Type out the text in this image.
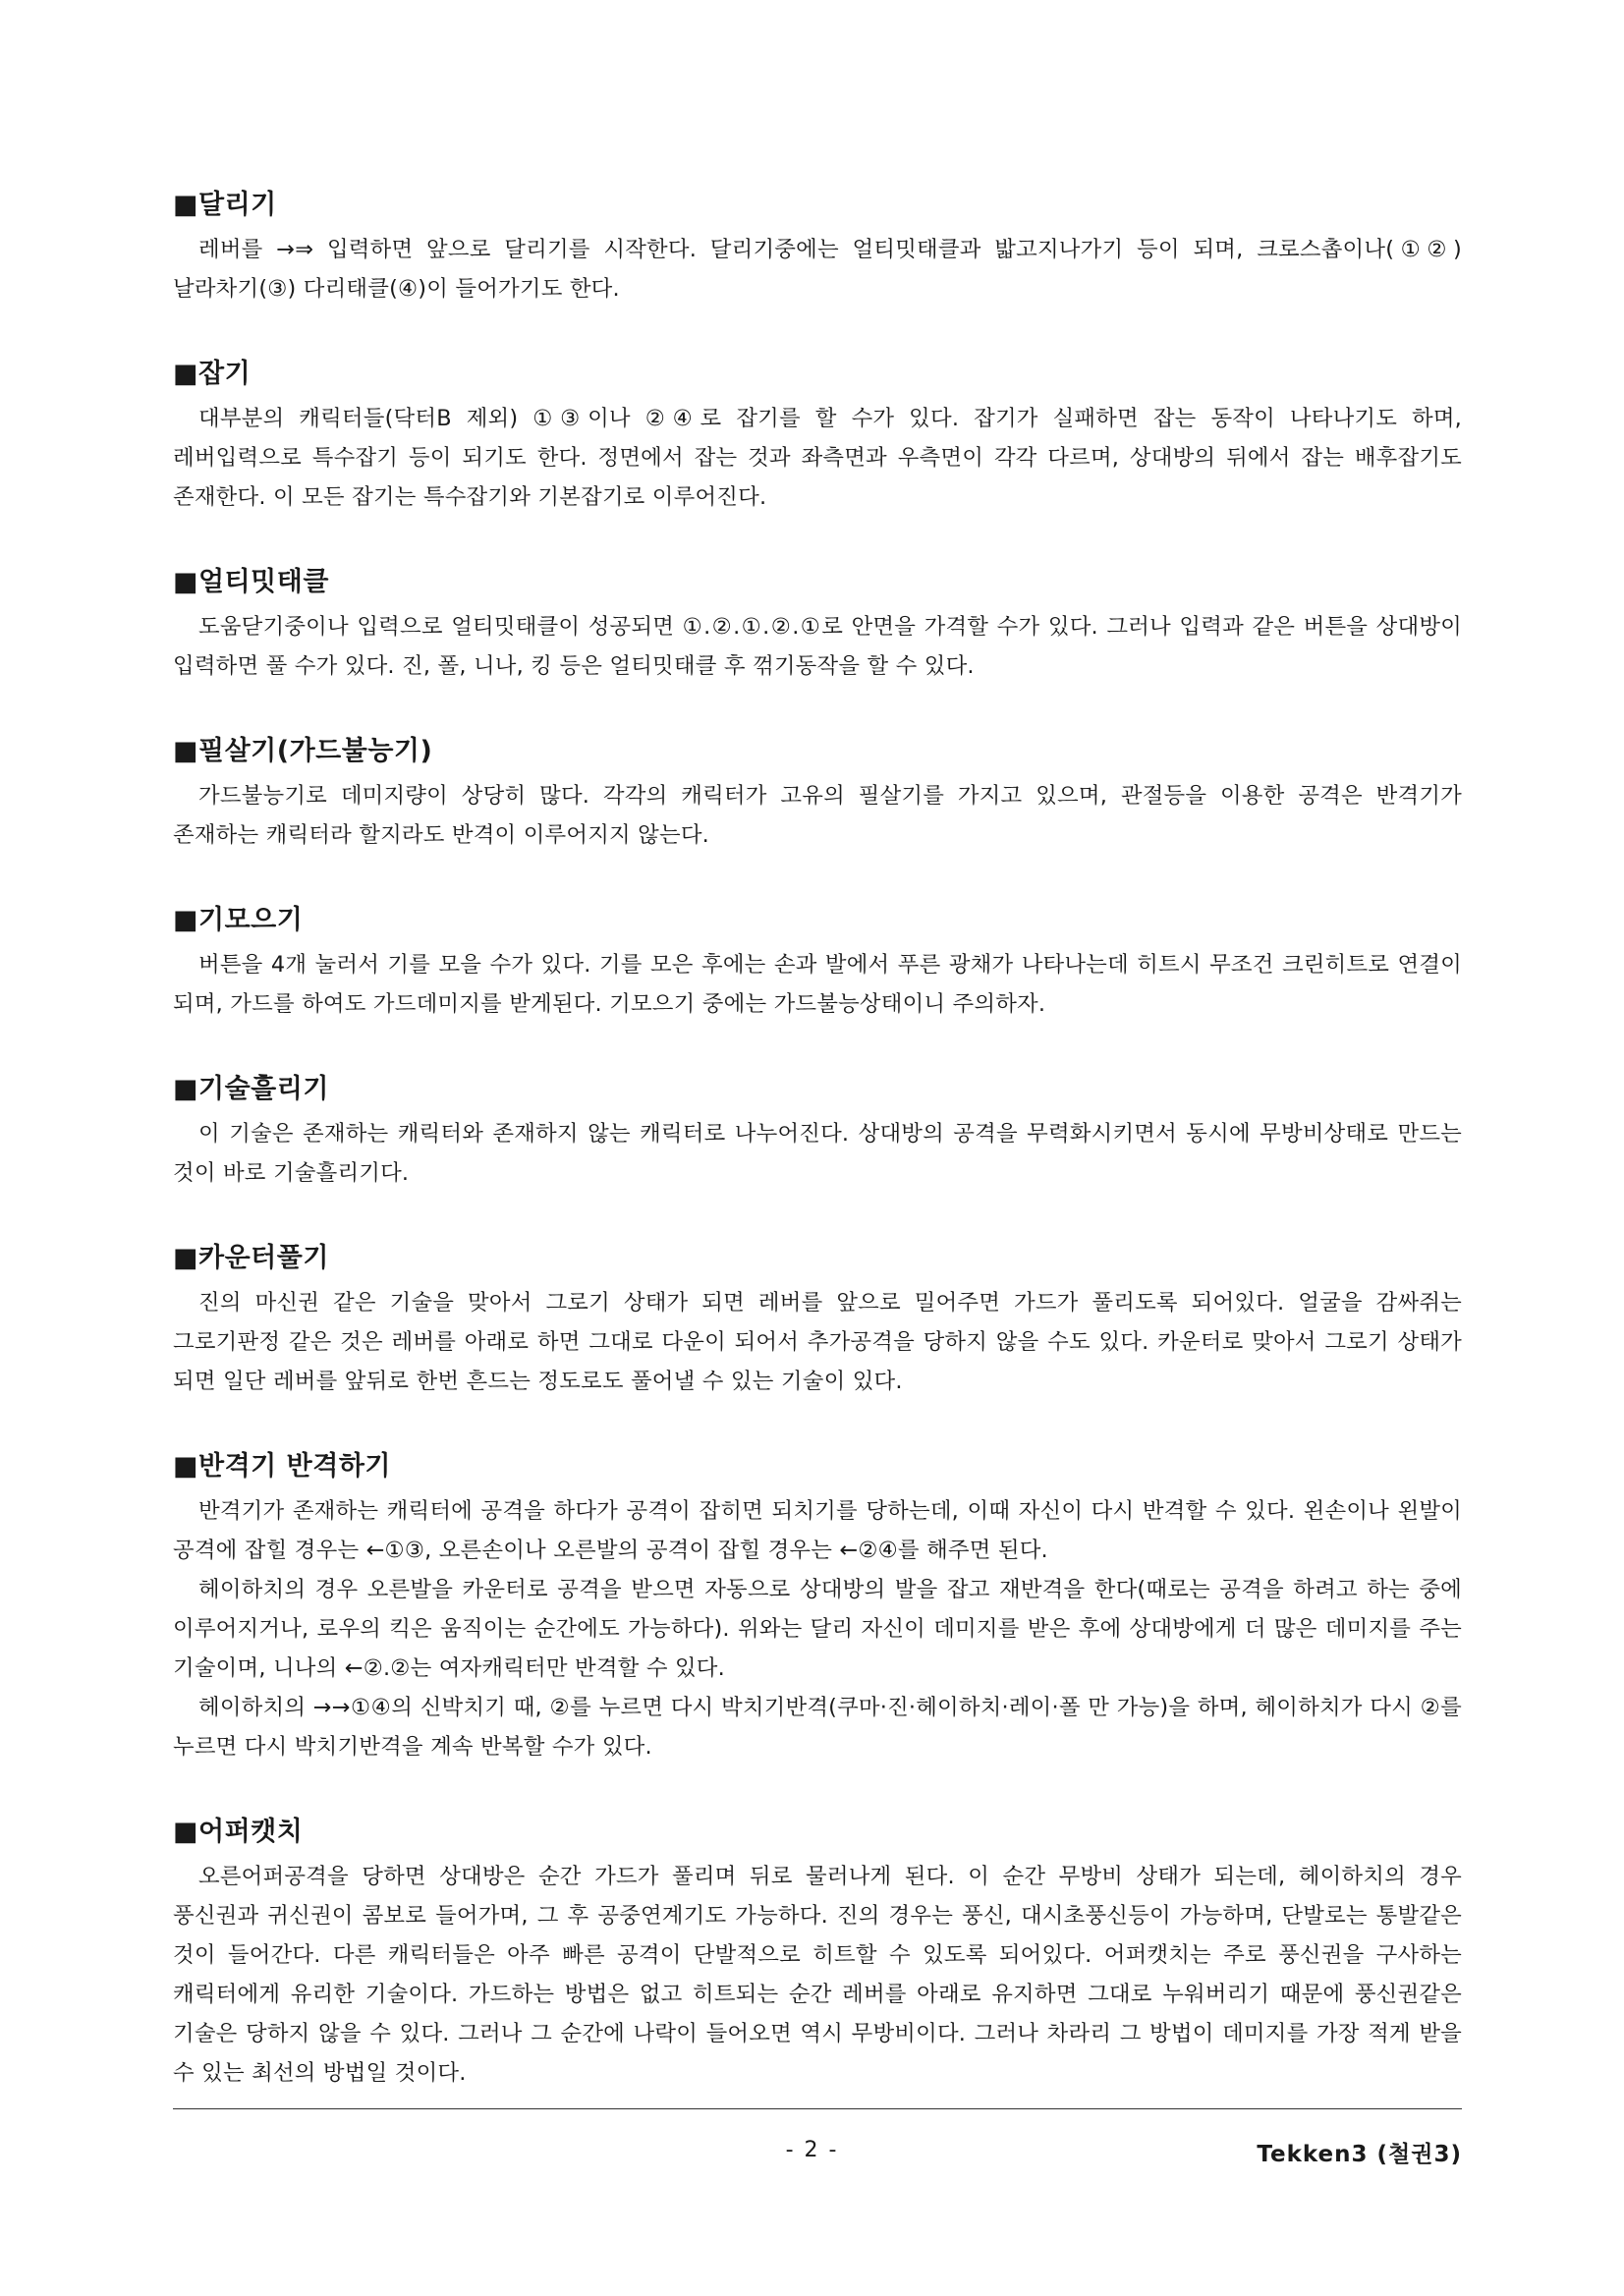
■달리기

레버를 →⇒ 입력하면 앞으로 달리기를 시작한다. 달리기중에는 얼티밋태클과 밟고지나가기 등이 되며, 크로스촙이나(①②) 날라차기(③) 다리태클(④)이 들어가기도 한다.

■잡기

대부분의 캐릭터들(닥터B 제외) ①③이나 ②④로 잡기를 할 수가 있다. 잡기가 실패하면 잡는 동작이 나타나기도 하며, 레버입력으로 특수잡기 등이 되기도 한다. 정면에서 잡는 것과 좌측면과 우측면이 각각 다르며, 상대방의 뒤에서 잡는 배후잡기도 존재한다. 이 모든 잡기는 특수잡기와 기본잡기로 이루어진다.

■얼티밋태클

도움닫기중이나 입력으로 얼티밋태클이 성공되면 ①.②.①.②.①로 안면을 가격할 수가 있다. 그러나 입력과 같은 버튼을 상대방이 입력하면 풀 수가 있다. 진, 폴, 니나, 킹 등은 얼티밋태클 후 꺾기동작을 할 수 있다.

■필살기(가드불능기)

가드불능기로 데미지량이 상당히 많다. 각각의 캐릭터가 고유의 필살기를 가지고 있으며, 관절등을 이용한 공격은 반격기가 존재하는 캐릭터라 할지라도 반격이 이루어지지 않는다.

■기모으기

버튼을 4개 눌러서 기를 모을 수가 있다. 기를 모은 후에는 손과 발에서 푸른 광채가 나타나는데 히트시 무조건 크린히트로 연결이 되며, 가드를 하여도 가드데미지를 받게된다. 기모으기 중에는 가드불능상태이니 주의하자.

■기술흘리기

이 기술은 존재하는 캐릭터와 존재하지 않는 캐릭터로 나누어진다. 상대방의 공격을 무력화시키면서 동시에 무방비상태로 만드는 것이 바로 기술흘리기다.

■카운터풀기

진의 마신권 같은 기술을 맞아서 그로기 상태가 되면 레버를 앞으로 밀어주면 가드가 풀리도록 되어있다. 얼굴을 감싸쥐는 그로기판정 같은 것은 레버를 아래로 하면 그대로 다운이 되어서 추가공격을 당하지 않을 수도 있다. 카운터로 맞아서 그로기 상태가 되면 일단 레버를 앞뒤로 한번 흔드는 정도로도 풀어낼 수 있는 기술이 있다.

■반격기 반격하기

반격기가 존재하는 캐릭터에 공격을 하다가 공격이 잡히면 되치기를 당하는데, 이때 자신이 다시 반격할 수 있다. 왼손이나 왼발이 공격에 잡힐 경우는 ←①③, 오른손이나 오른발의 공격이 잡힐 경우는 ←②④를 해주면 된다.

헤이하치의 경우 오른발을 카운터로 공격을 받으면 자동으로 상대방의 발을 잡고 재반격을 한다(때로는 공격을 하려고 하는 중에 이루어지거나, 로우의 킥은 움직이는 순간에도 가능하다). 위와는 달리 자신이 데미지를 받은 후에 상대방에게 더 많은 데미지를 주는 기술이며, 니나의 ←②.②는 여자캐릭터만 반격할 수 있다.

헤이하치의 →→①④의 신박치기 때, ②를 누르면 다시 박치기반격(쿠마·진·헤이하치·레이·폴 만 가능)을 하며, 헤이하치가 다시 ②를 누르면 다시 박치기반격을 계속 반복할 수가 있다.

■어퍼캣치

오른어퍼공격을 당하면 상대방은 순간 가드가 풀리며 뒤로 물러나게 된다. 이 순간 무방비 상태가 되는데, 헤이하치의 경우 풍신권과 귀신권이 콤보로 들어가며, 그 후 공중연계기도 가능하다. 진의 경우는 풍신, 대시초풍신등이 가능하며, 단발로는 통발같은 것이 들어간다. 다른 캐릭터들은 아주 빠른 공격이 단발적으로 히트할 수 있도록 되어있다. 어퍼캣치는 주로 풍신권을 구사하는 캐릭터에게 유리한 기술이다. 가드하는 방법은 없고 히트되는 순간 레버를 아래로 유지하면 그대로 누워버리기 때문에 풍신권같은 기술은 당하지 않을 수 있다. 그러나 그 순간에 나락이 들어오면 역시 무방비이다. 그러나 차라리 그 방법이 데미지를 가장 적게 받을 수 있는 최선의 방법일 것이다.

- 2 -	Tekken3 (철권3)
